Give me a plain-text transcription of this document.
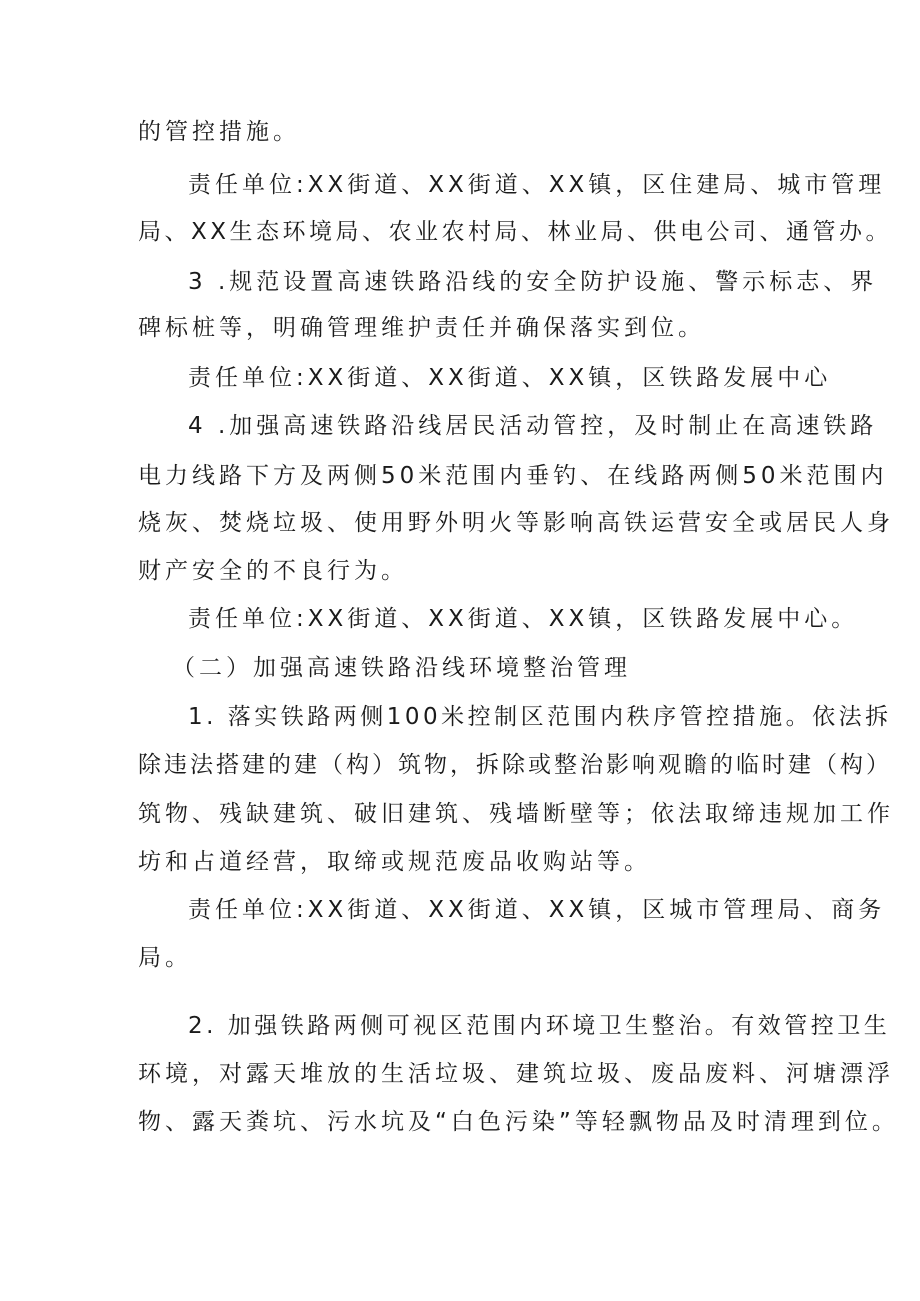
的管控措施。

责任单位:XX街道、XX街道、XX镇，区住建局、城市管理

局、XX生态环境局、农业农村局、林业局、供电公司、通管办。

3 .规范设置高速铁路沿线的安全防护设施、警示标志、界

碑标桩等，明确管理维护责任并确保落实到位。

责任单位:XX街道、XX街道、XX镇，区铁路发展中心

4 .加强高速铁路沿线居民活动管控，及时制止在高速铁路

电力线路下方及两侧50米范围内垂钓、在线路两侧50米范围内

烧灰、焚烧垃圾、使用野外明火等影响高铁运营安全或居民人身

财产安全的不良行为。

责任单位:XX街道、XX街道、XX镇，区铁路发展中心。

（二）加强高速铁路沿线环境整治管理

1. 落实铁路两侧100米控制区范围内秩序管控措施。依法拆

除违法搭建的建（构）筑物，拆除或整治影响观瞻的临时建（构）

筑物、残缺建筑、破旧建筑、残墙断壁等；依法取缔违规加工作

坊和占道经营，取缔或规范废品收购站等。

责任单位:XX街道、XX街道、XX镇，区城市管理局、商务

局。

2. 加强铁路两侧可视区范围内环境卫生整治。有效管控卫生

环境，对露天堆放的生活垃圾、建筑垃圾、废品废料、河塘漂浮

物、露天粪坑、污水坑及“白色污染”等轻飘物品及时清理到位。
